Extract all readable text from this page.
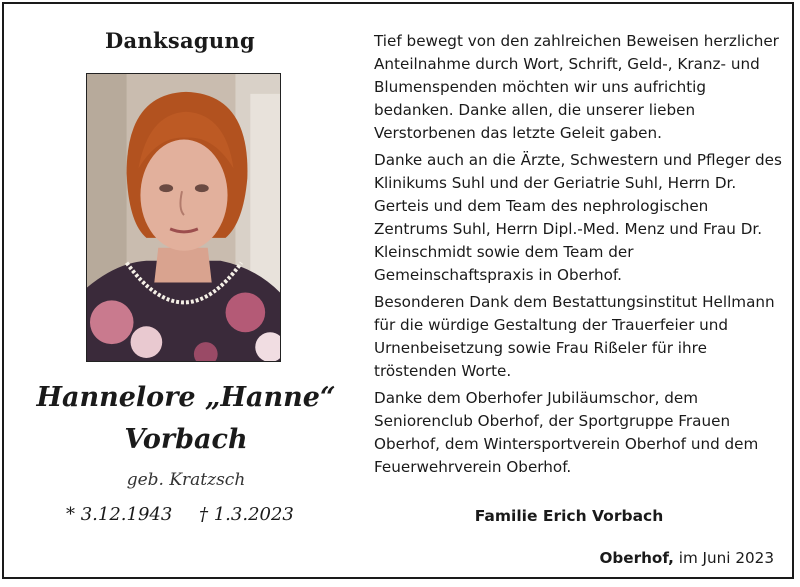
Danksagung
Hannelore „Hanne“
Vorbach
geb. Kratzsch
* 3.12.1943 † 1.3.2023

Tief bewegt von den zahlreichen Beweisen herzlicher Anteilnahme durch Wort, Schrift, Geld-, Kranz- und Blumenspenden möchten wir uns aufrichtig bedanken. Danke allen, die unserer lieben Verstorbenen das letzte Geleit gaben.

Danke auch an die Ärzte, Schwestern und Pfleger des Klinikums Suhl und der Geriatrie Suhl, Herrn Dr. Gerteis und dem Team des nephrologischen Zentrums Suhl, Herrn Dipl.-Med. Menz und Frau Dr. Kleinschmidt sowie dem Team der Gemeinschaftspraxis in Oberhof.

Besonderen Dank dem Bestattungsinstitut Hellmann für die würdige Gestaltung der Trauerfeier und Urnenbeisetzung sowie Frau Rißeler für ihre tröstenden Worte.

Danke dem Oberhofer Jubiläumschor, dem Seniorenclub Oberhof, der Sportgruppe Frauen Oberhof, dem Wintersportverein Oberhof und dem Feuerwehrverein Oberhof.

Familie Erich Vorbach
Oberhof, im Juni 2023
